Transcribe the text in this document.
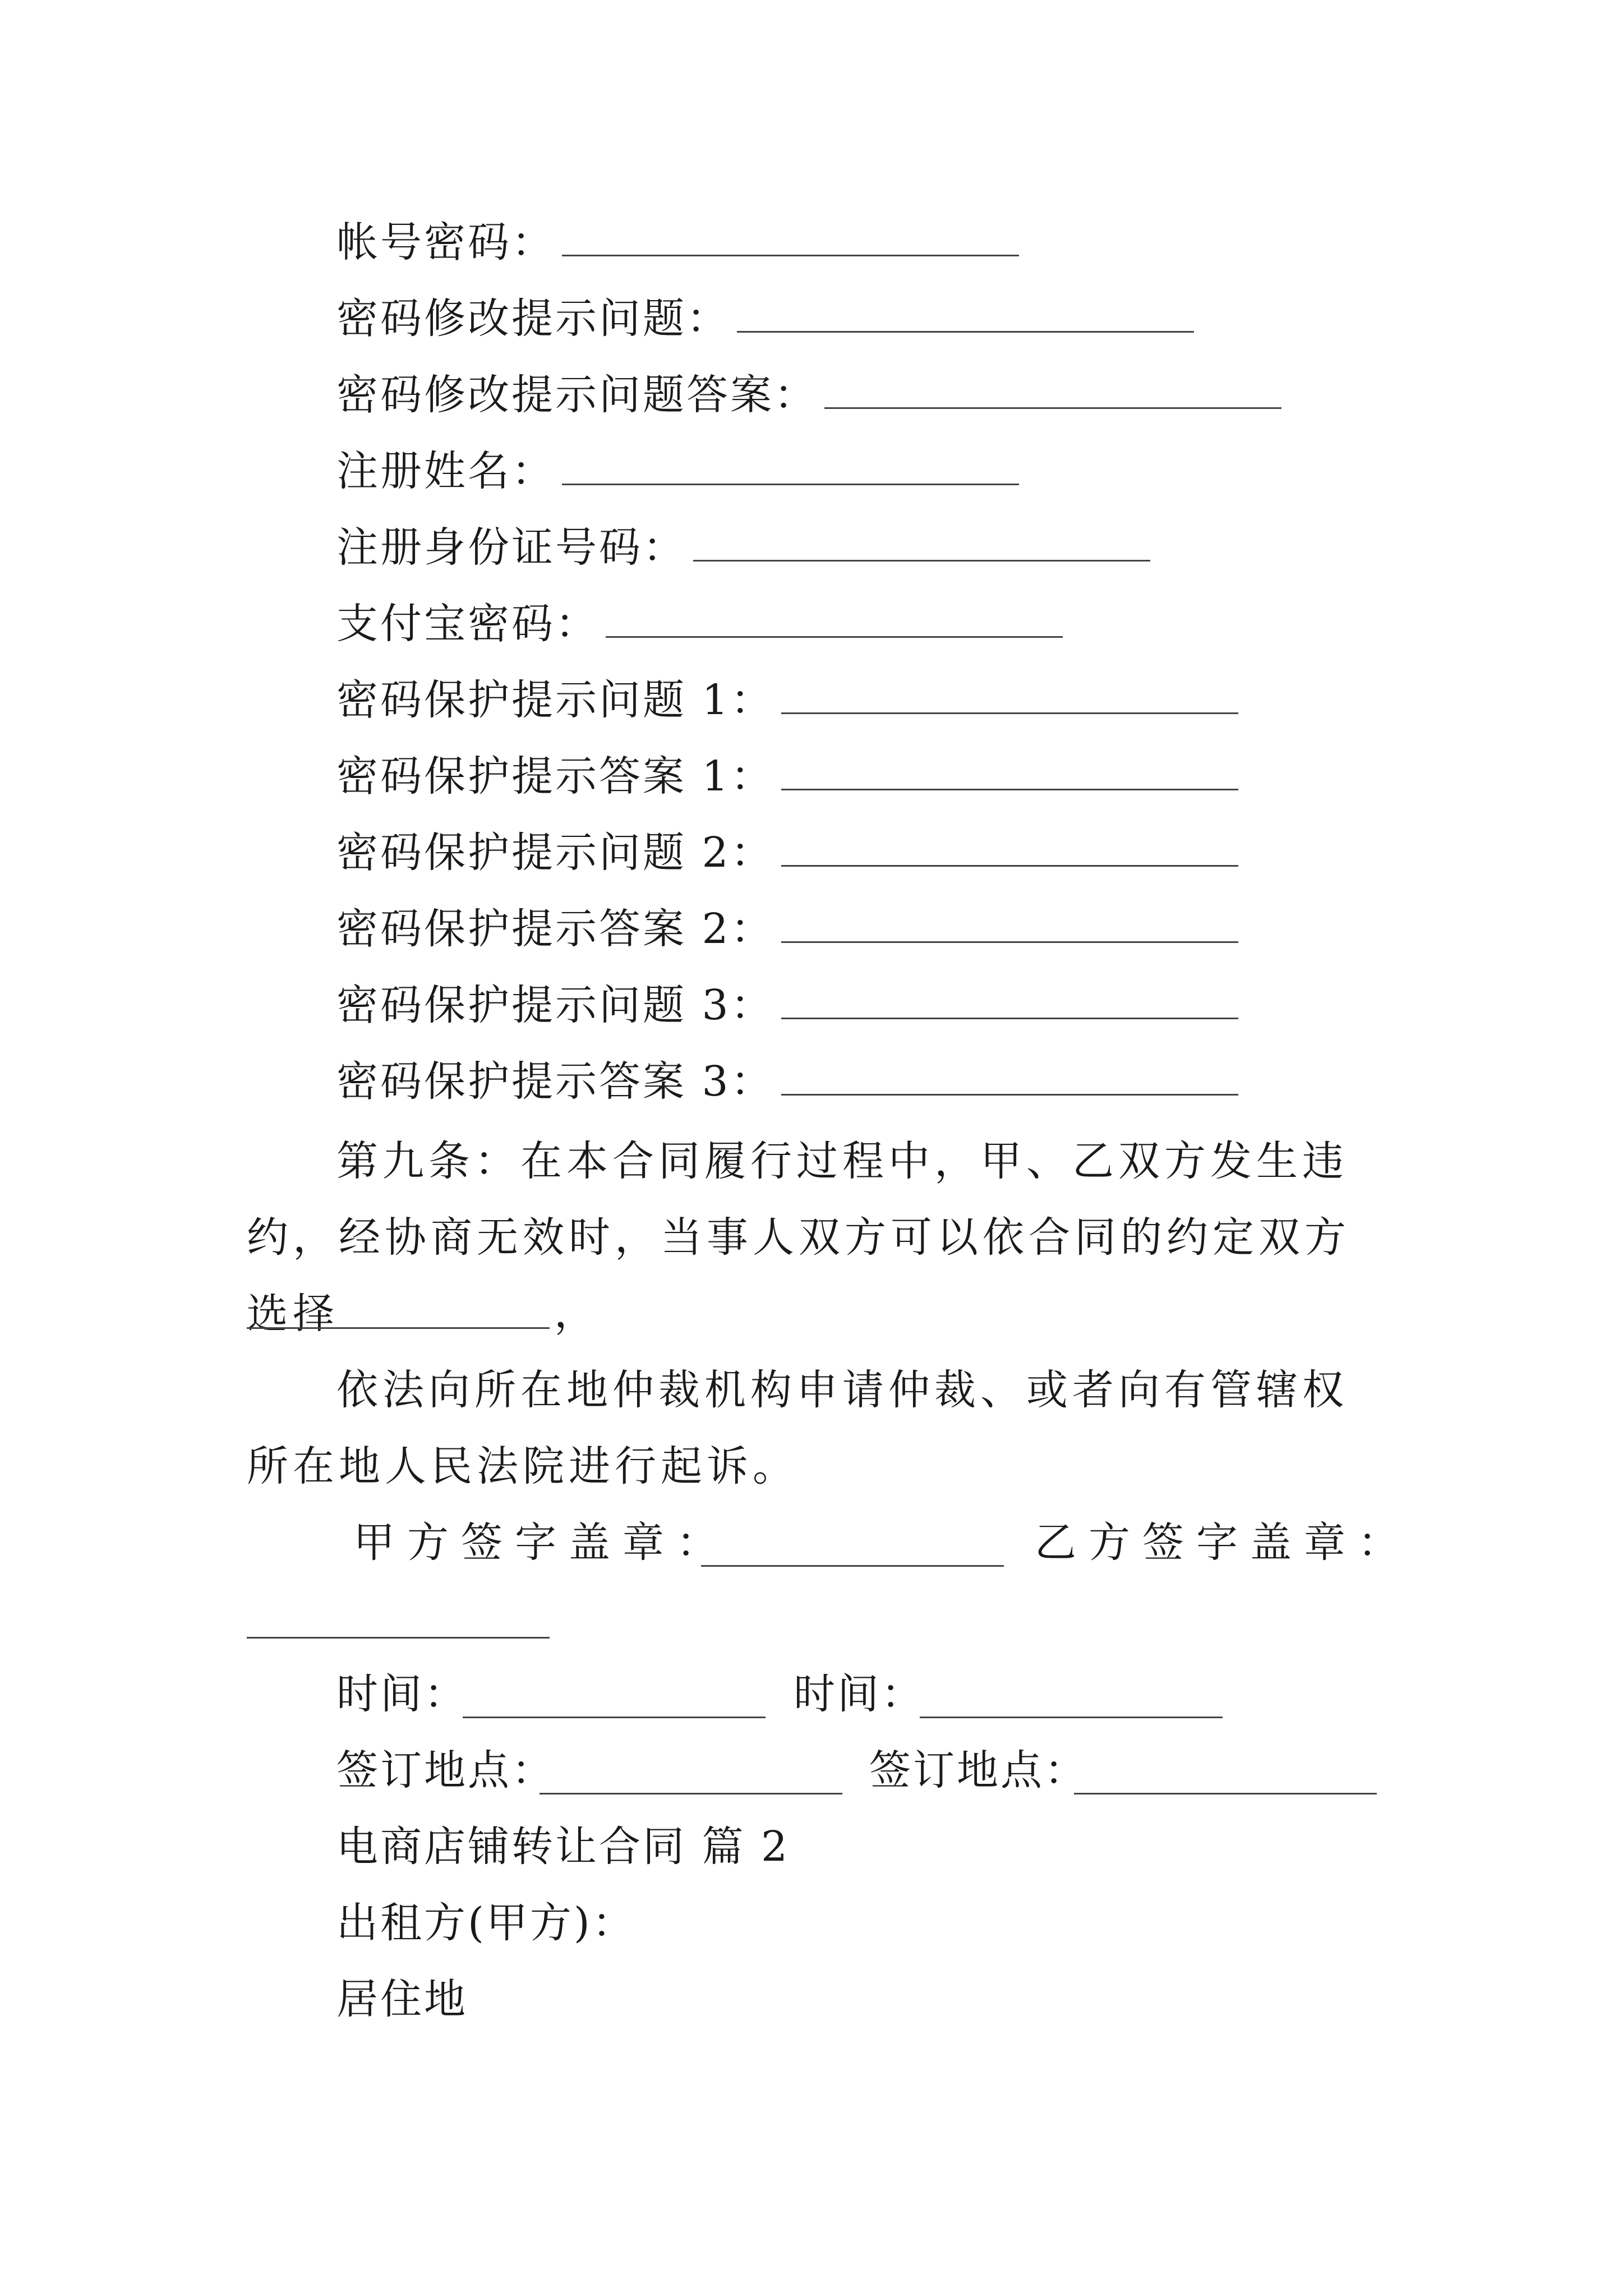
帐号密码：
密码修改提示问题：
密码修改提示问题答案：
注册姓名：
注册身份证号码：
支付宝密码：
密码保护提示问题 1：
密码保护提示答案 1：
密码保护提示问题 2：
密码保护提示答案 2：
密码保护提示问题 3：
密码保护提示答案 3：
第九条：在本合同履行过程中，甲、乙双方发生违约，经协商无效时，当事人双方可以依合同的约定双方选择	，
依法向所在地仲裁机构申请仲裁、或者向有管辖权所在地人民法院进行起诉。
甲方签字盖章：	乙方签字盖章：
时间：	时间：
签订地点：	签订地点：
电商店铺转让合同 篇 2
出租方(甲方)：
居住地
